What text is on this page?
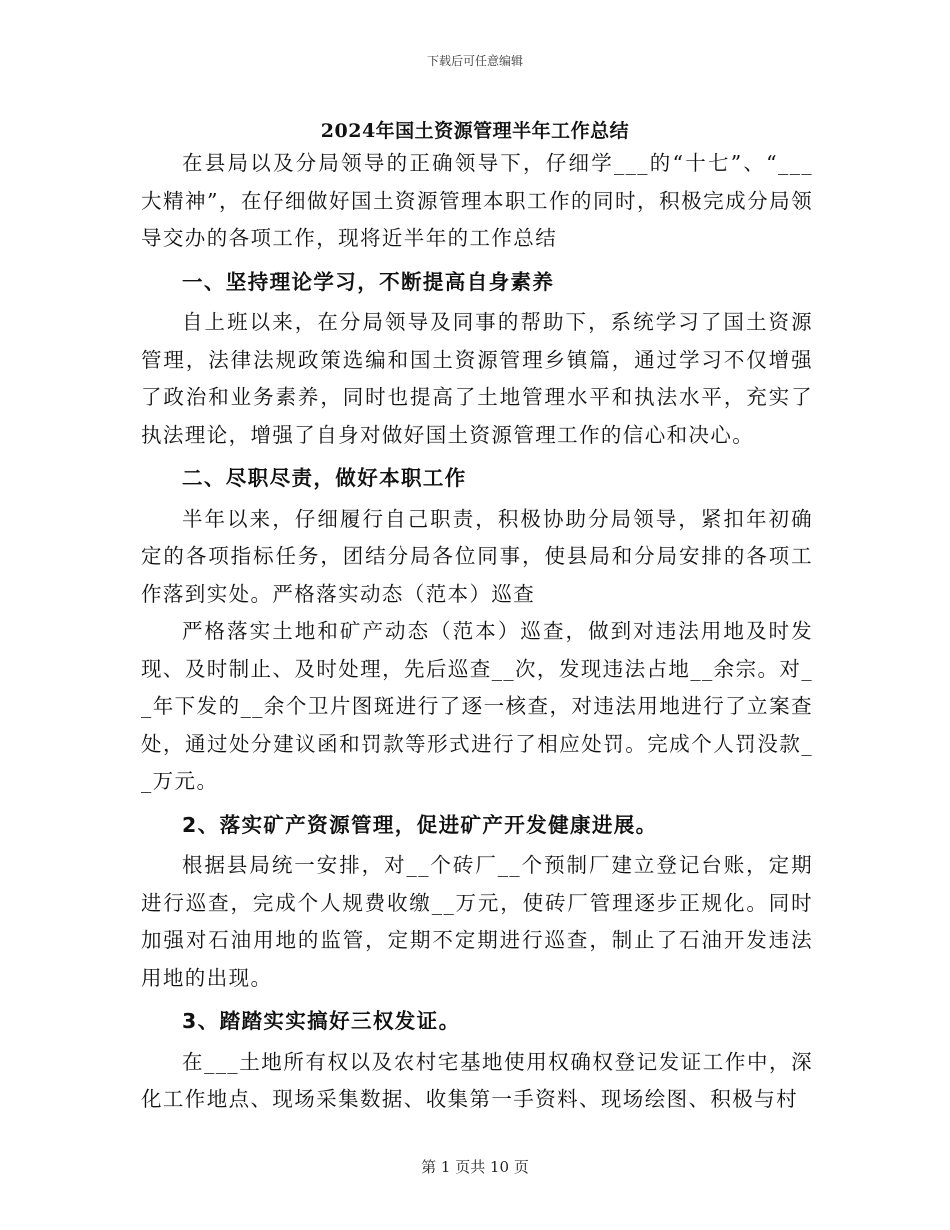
下载后可任意编辑
2024年国土资源管理半年工作总结

在县局以及分局领导的正确领导下，仔细学___的“十七”、“___大精神”，在仔细做好国土资源管理本职工作的同时，积极完成分局领导交办的各项工作，现将近半年的工作总结

一、坚持理论学习，不断提高自身素养

自上班以来，在分局领导及同事的帮助下，系统学习了国土资源管理，法律法规政策选编和国土资源管理乡镇篇，通过学习不仅增强了政治和业务素养，同时也提高了土地管理水平和执法水平，充实了执法理论，增强了自身对做好国土资源管理工作的信心和决心。

二、尽职尽责，做好本职工作

半年以来，仔细履行自己职责，积极协助分局领导，紧扣年初确定的各项指标任务，团结分局各位同事，使县局和分局安排的各项工作落到实处。严格落实动态（范本）巡查

严格落实土地和矿产动态（范本）巡查，做到对违法用地及时发现、及时制止、及时处理，先后巡查__次，发现违法占地__余宗。对__年下发的__余个卫片图斑进行了逐一核查，对违法用地进行了立案查处，通过处分建议函和罚款等形式进行了相应处罚。完成个人罚没款__万元。

2、落实矿产资源管理，促进矿产开发健康进展。

根据县局统一安排，对__个砖厂__个预制厂建立登记台账，定期进行巡查，完成个人规费收缴__万元，使砖厂管理逐步正规化。同时加强对石油用地的监管，定期不定期进行巡查，制止了石油开发违法用地的出现。

3、踏踏实实搞好三权发证。

在___土地所有权以及农村宅基地使用权确权登记发证工作中，深化工作地点、现场采集数据、收集第一手资料、现场绘图、积极与村

第 1 页共 10 页
